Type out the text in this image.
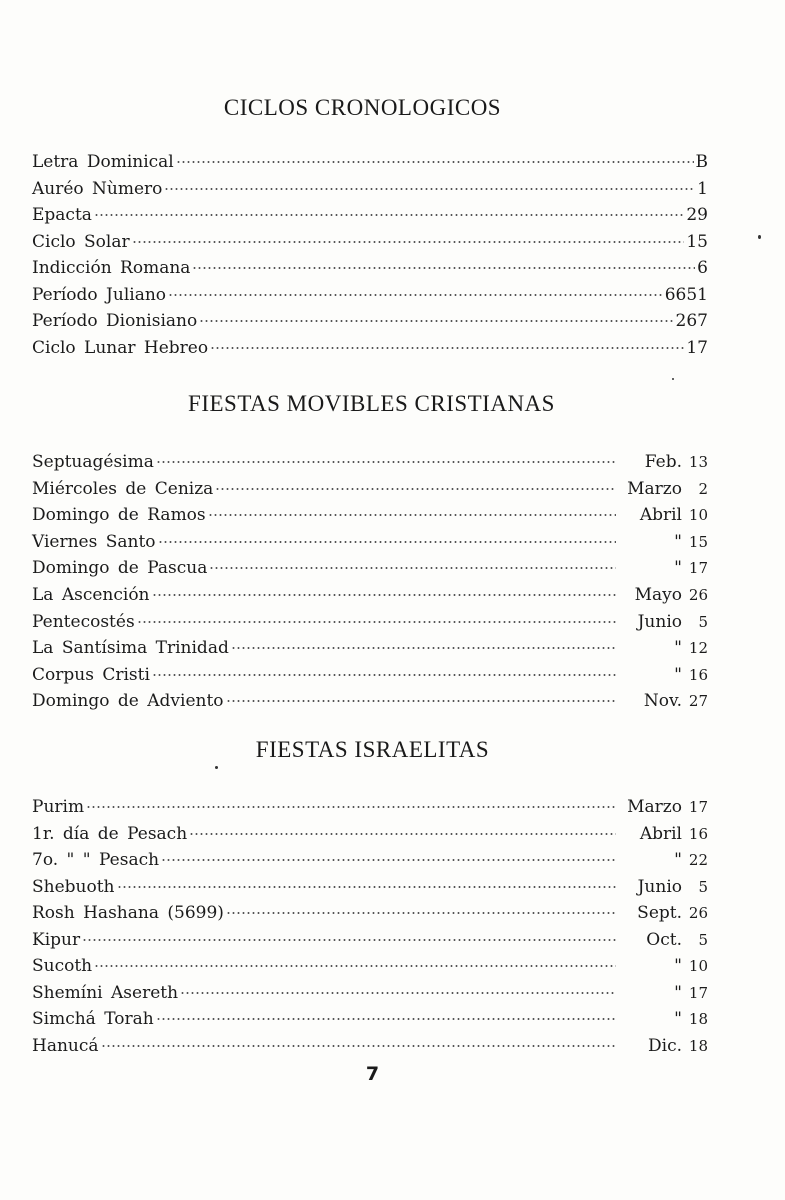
CICLOS CRONOLOGICOS
Letra Dominical	B
Auréo Nùmero	1
Epacta	29
Ciclo Solar	15
Indicción Romana	6
Período Juliano	6651
Período Dionisiano	267
Ciclo Lunar Hebreo	17
FIESTAS MOVIBLES CRISTIANAS
Septuagésima	Feb. 13
Miércoles de Ceniza	Marzo	2
Domingo de Ramos	Abril 10
Viernes Santo	" 15
Domingo de Pascua	" 17
La Ascención	Mayo 26
Pentecostés	Junio	5
La Santísima Trinidad	" 12
Corpus Cristi	" 16
Domingo de Adviento	Nov. 27
FIESTAS ISRAELITAS
Purim	Marzo 17
1r. día de Pesach	Abril 16
7o. " " Pesach	" 22
Shebuoth	Junio	5
Rosh Hashana (5699)	Sept. 26
Kipur	Oct.	5
Sucoth	" 10
Shemíni Asereth	" 17
Simchá Torah	" 18
Hanucá	Dic. 18
7
